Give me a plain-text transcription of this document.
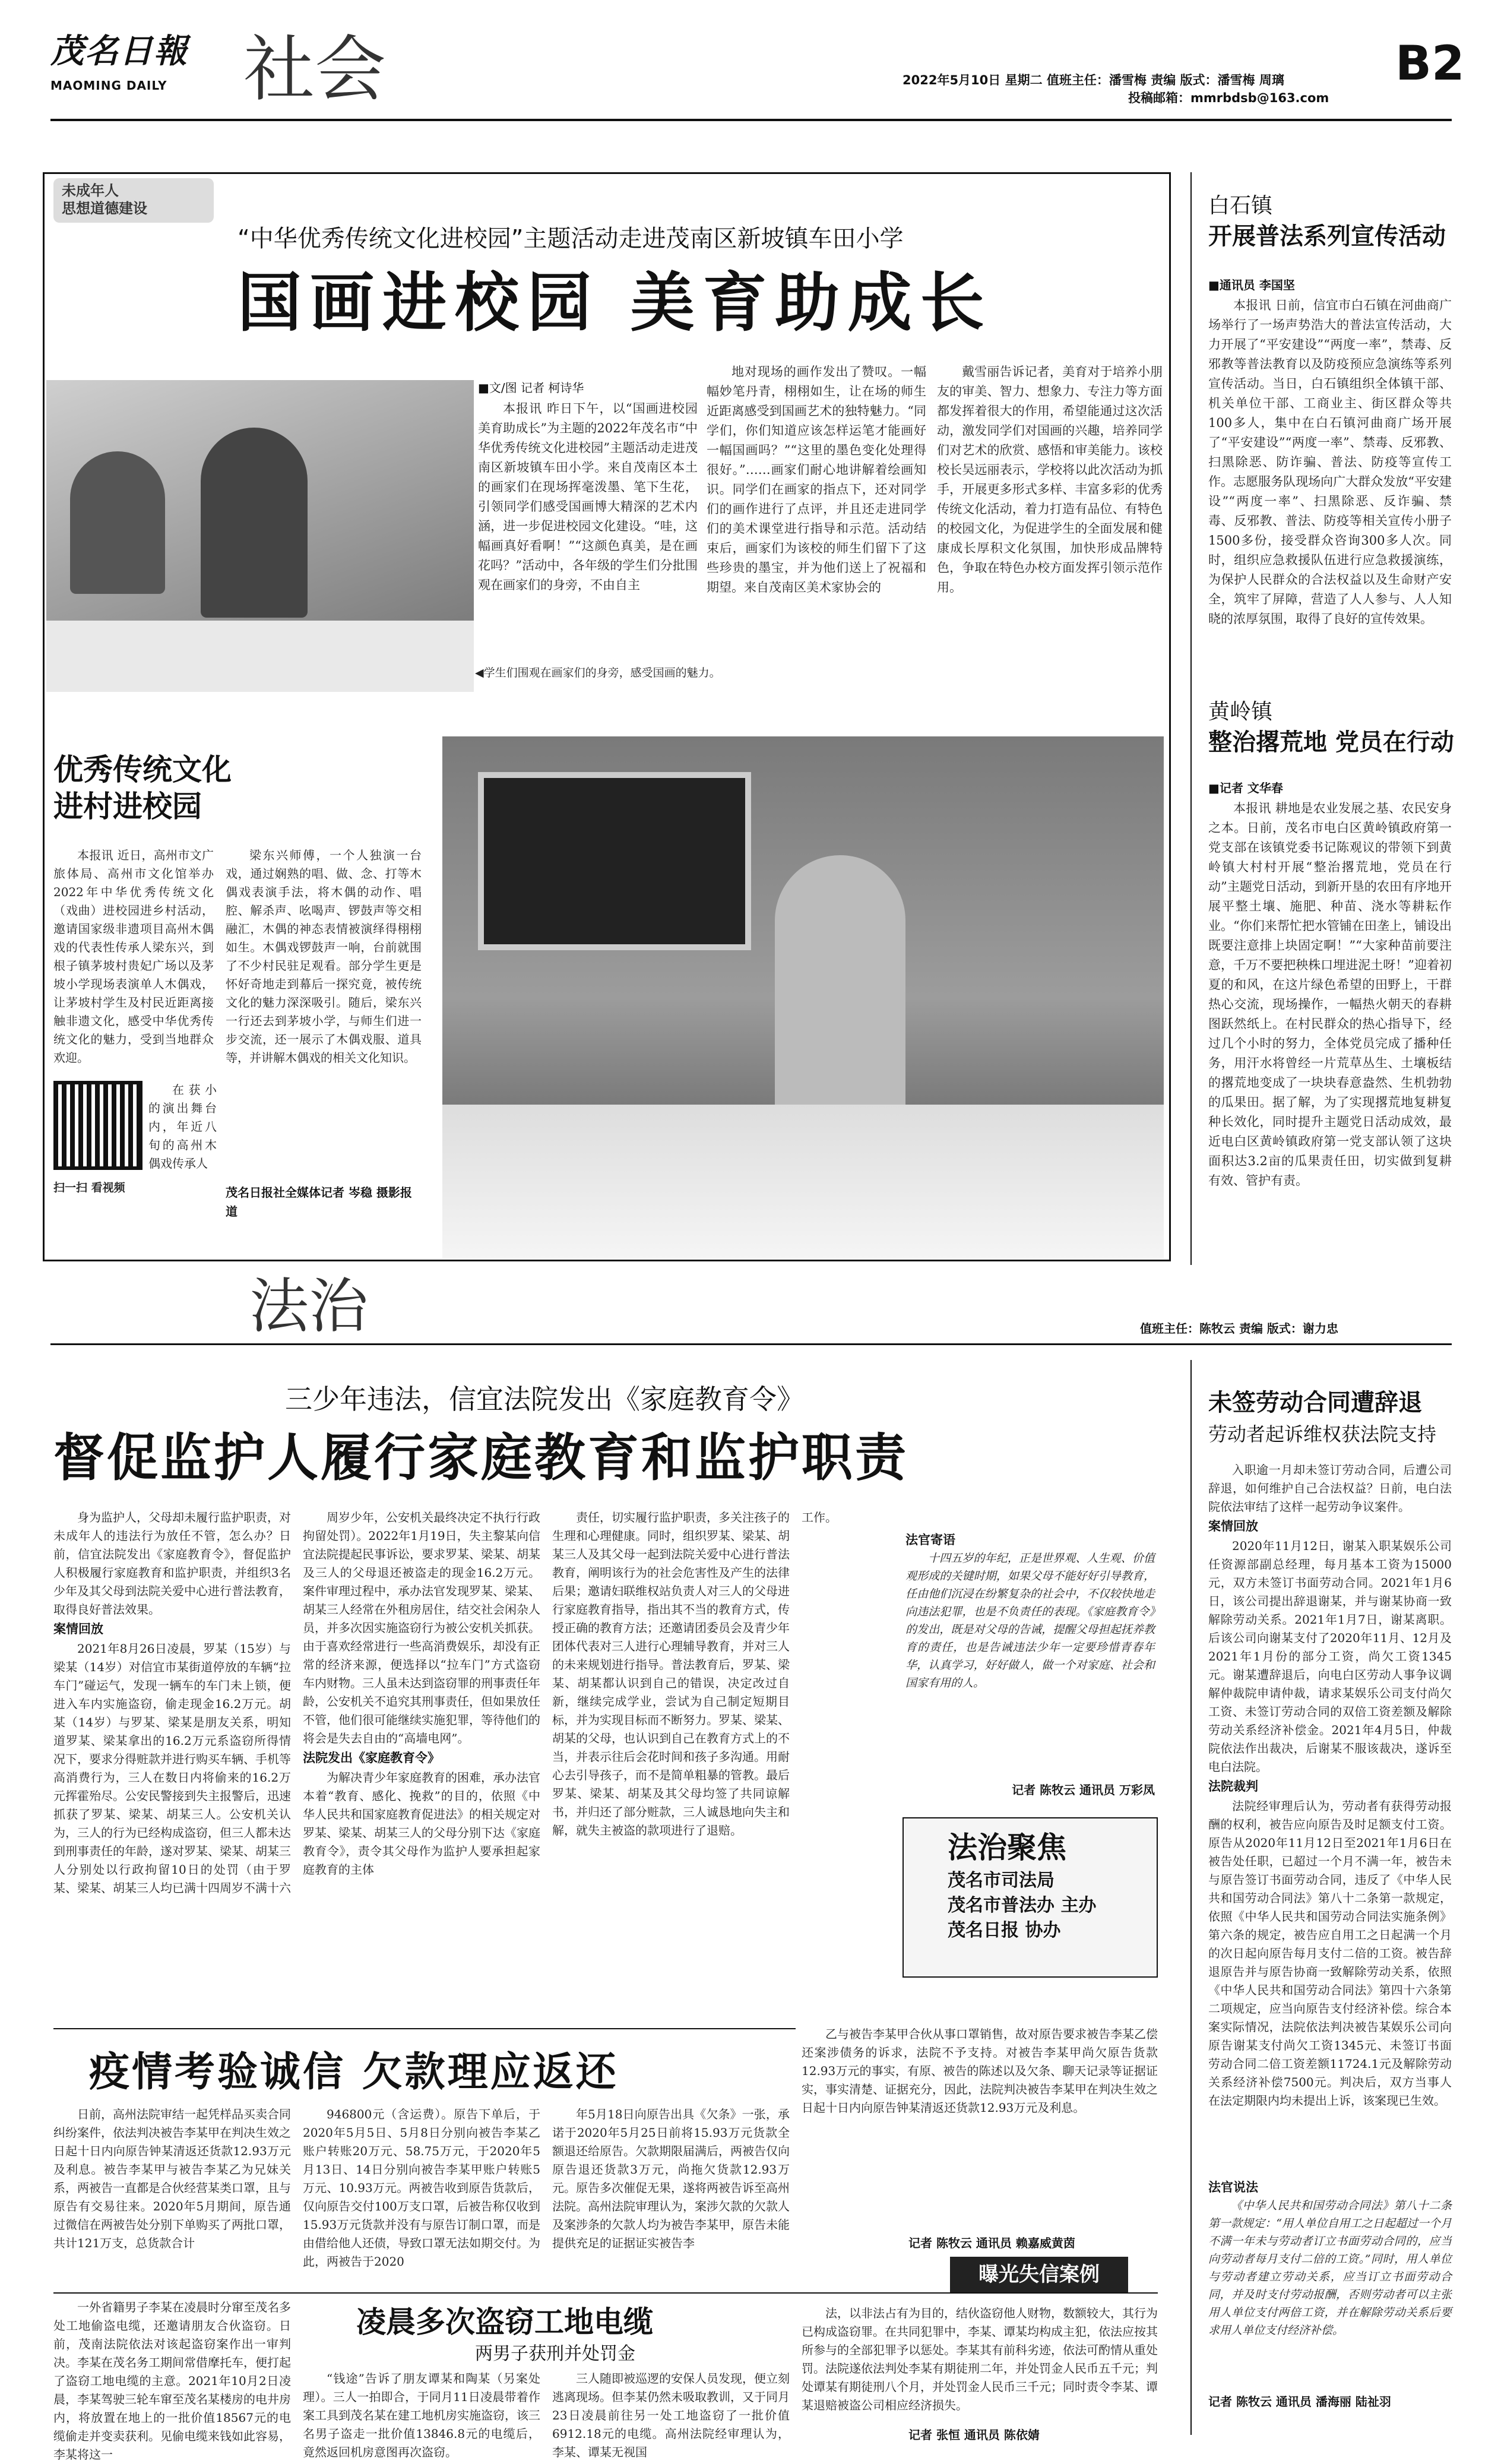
茂名日報
MAOMING DAILY	社会	2022年5月10日 星期二 值班主任：潘雪梅 责编 版式：潘雪梅 周璃
投稿邮箱：mmrbdsb@163.com
B2
未成年人
思想道德建设
“中华优秀传统文化进校园”主题活动走进茂南区新坡镇车田小学
国画进校园 美育助成长
◀学生们围观在画家们的身旁，感受国画的魅力。
■文/图 记者 柯诗华

本报讯 昨日下午，以“国画进校园 美育助成长”为主题的2022年茂名市“中华优秀传统文化进校园”主题活动走进茂南区新坡镇车田小学。来自茂南区本土的画家们在现场挥毫泼墨、笔下生花，引领同学们感受国画博大精深的艺术内涵，进一步促进校园文化建设。“哇，这幅画真好看啊！”“这颜色真美，是在画花吗？”活动中，各年级的学生们分批围观在画家们的身旁，不由自主

地对现场的画作发出了赞叹。一幅幅妙笔丹青，栩栩如生，让在场的师生近距离感受到国画艺术的独特魅力。“同学们，你们知道应该怎样运笔才能画好一幅国画吗？”“这里的墨色变化处理得很好。”……画家们耐心地讲解着绘画知识。同学们在画家的指点下，还对同学们的画作进行了点评，并且还走进同学们的美术课堂进行指导和示范。活动结束后，画家们为该校的师生们留下了这些珍贵的墨宝，并为他们送上了祝福和期望。来自茂南区美术家协会的

戴雪丽告诉记者，美育对于培养小朋友的审美、智力、想象力、专注力等方面都发挥着很大的作用，希望能通过这次活动，激发同学们对国画的兴趣，培养同学们对艺术的欣赏、感悟和审美能力。该校校长吴远丽表示，学校将以此次活动为抓手，开展更多形式多样、丰富多彩的优秀传统文化活动，着力打造有品位、有特色的校园文化，为促进学生的全面发展和健康成长厚积文化氛围，加快形成品牌特色，争取在特色办校方面发挥引领示范作用。

优秀传统文化
进村进校园

本报讯 近日，高州市文广旅体局、高州市文化馆举办2022年中华优秀传统文化（戏曲）进校园进乡村活动，邀请国家级非遗项目高州木偶戏的代表性传承人梁东兴，到根子镇茅坡村贵妃广场以及茅坡小学现场表演单人木偶戏，让茅坡村学生及村民近距离接触非遗文化，感受中华优秀传统文化的魅力，受到当地群众欢迎。

扫一扫 看视频

在获小的演出舞台内，年近八旬的高州木偶戏传承人

梁东兴师傅，一个人独演一台戏，通过娴熟的唱、做、念、打等木偶戏表演手法，将木偶的动作、唱腔、解杀声、吆喝声、锣鼓声等交相融汇，木偶的神态表情被演绎得栩栩如生。木偶戏锣鼓声一响，台前就围了不少村民驻足观看。部分学生更是怀好奇地走到幕后一探究竟，被传统文化的魅力深深吸引。随后，梁东兴一行还去到茅坡小学，与师生们进一步交流，还一展示了木偶戏服、道具等，并讲解木偶戏的相关文化知识。

茂名日报社全媒体记者 岑稳 摄影报道
白石镇
开展普法系列宣传活动
■通讯员 李国坚

本报讯 日前，信宜市白石镇在河曲商广场举行了一场声势浩大的普法宣传活动，大力开展了“平安建设”“两度一率”，禁毒、反邪教等普法教育以及防疫预应急演练等系列宣传活动。当日，白石镇组织全体镇干部、机关单位干部、工商业主、街区群众等共100多人，集中在白石镇河曲商广场开展了“平安建设”“两度一率”、禁毒、反邪教、扫黑除恶、防诈骗、普法、防疫等宣传工作。志愿服务队现场向广大群众发放“平安建设”“两度一率”、扫黑除恶、反诈骗、禁毒、反邪教、普法、防疫等相关宣传小册子1500多份，接受群众咨询300多人次。同时，组织应急救援队伍进行应急救援演练，为保护人民群众的合法权益以及生命财产安全，筑牢了屏障，营造了人人参与、人人知晓的浓厚氛围，取得了良好的宣传效果。

黄岭镇
整治撂荒地 党员在行动
■记者 文华春

本报讯 耕地是农业发展之基、农民安身之本。日前，茂名市电白区黄岭镇政府第一党支部在该镇党委书记陈观议的带领下到黄岭镇大村村开展“整治撂荒地，党员在行动”主题党日活动，到新开垦的农田有序地开展平整土壤、施肥、种苗、浇水等耕耘作业。“你们来帮忙把水管铺在田垄上，铺设出既要注意排上块固定啊！”“大家种苗前要注意，千万不要把秧株口埋进泥土呀！”迎着初夏的和风，在这片绿色希望的田野上，干群热心交流，现场操作，一幅热火朝天的春耕图跃然纸上。在村民群众的热心指导下，经过几个小时的努力，全体党员完成了播种任务，用汗水将曾经一片荒草丛生、土壤板结的撂荒地变成了一块块春意盎然、生机勃勃的瓜果田。据了解，为了实现撂荒地复耕复种长效化，同时提升主题党日活动成效，最近电白区黄岭镇政府第一党支部认领了这块面积达3.2亩的瓜果责任田，切实做到复耕有效、管护有责。

法治	值班主任：陈牧云 责编 版式：谢力忠
三少年违法，信宜法院发出《家庭教育令》
督促监护人履行家庭教育和监护职责

身为监护人，父母却未履行监护职责，对未成年人的违法行为放任不管，怎么办？日前，信宜法院发出《家庭教育令》，督促监护人积极履行家庭教育和监护职责，并组织3名少年及其父母到法院关爱中心进行普法教育，取得良好普法效果。

案情回放

2021年8月26日凌晨，罗某（15岁）与梁某（14岁）对信宜市某街道停放的车辆“拉车门”碰运气，发现一辆车的车门未上锁，便进入车内实施盗窃，偷走现金16.2万元。胡某（14岁）与罗某、梁某是朋友关系，明知道罗某、梁某拿出的16.2万元系盗窃所得情况下，要求分得赃款并进行购买车辆、手机等高消费行为，三人在数日内将偷来的16.2万元挥霍殆尽。公安民警接到失主报警后，迅速抓获了罗某、梁某、胡某三人。公安机关认为，三人的行为已经构成盗窃，但三人都未达到刑事责任的年龄，遂对罗某、梁某、胡某三人分别处以行政拘留10日的处罚（由于罗某、梁某、胡某三人均已满十四周岁不满十六

周岁少年，公安机关最终决定不执行行政拘留处罚）。2022年1月19日，失主黎某向信宜法院提起民事诉讼，要求罗某、梁某、胡某及三人的父母退还被盗走的现金16.2万元。案件审理过程中，承办法官发现罗某、梁某、胡某三人经常在外租房居住，结交社会闲杂人员，并多次因实施盗窃行为被公安机关抓获。由于喜欢经常进行一些高消费娱乐，却没有正常的经济来源，便选择以“拉车门”方式盗窃车内财物。三人虽未达到盗窃罪的刑事责任年龄，公安机关不追究其刑事责任，但如果放任不管，他们很可能继续实施犯罪，等待他们的将会是失去自由的“高墙电网”。

法院发出《家庭教育令》

为解决青少年家庭教育的困难，承办法官本着“教育、感化、挽救”的目的，依照《中华人民共和国家庭教育促进法》的相关规定对罗某、梁某、胡某三人的父母分别下达《家庭教育令》，责令其父母作为监护人要承担起家庭教育的主体

责任，切实履行监护职责，多关注孩子的生理和心理健康。同时，组织罗某、梁某、胡某三人及其父母一起到法院关爱中心进行普法教育，阐明该行为的社会危害性及产生的法律后果；邀请妇联维权站负责人对三人的父母进行家庭教育指导，指出其不当的教育方式，传授正确的教育方法；还邀请团委员会及青少年团体代表对三人进行心理辅导教育，并对三人的未来规划进行指导。普法教育后，罗某、梁某、胡某都认识到自己的错误，决定改过自新，继续完成学业，尝试为自己制定短期目标，并为实现目标而不断努力。罗某、梁某、胡某的父母，也认识到自己在教育方式上的不当，并表示往后会花时间和孩子多沟通。用耐心去引导孩子，而不是简单粗暴的管教。最后罗某、梁某、胡某及其父母均签了共同谅解书，并归还了部分赃款，三人诚恳地向失主和解，就失主被盗的款项进行了退赔。

工作。
法官寄语
十四五岁的年纪，正是世界观、人生观、价值观形成的关键时期，如果父母不能好好引导教育，任由他们沉浸在纷繁复杂的社会中，不仅较快地走向违法犯罪，也是不负责任的表现。《家庭教育令》的发出，既是对父母的告诫，提醒父母担起抚养教育的责任，也是告诫违法少年一定要珍惜青春年华，认真学习，好好做人，做一个对家庭、社会和国家有用的人。
记者 陈牧云 通讯员 万彩凤
法治聚焦
茂名市司法局
茂名市普法办 主办
茂名日报 协办
未签劳动合同遭辞退
劳动者起诉维权获法院支持

入职逾一月却未签订劳动合同，后遭公司辞退，如何维护自己合法权益？日前，电白法院依法审结了这样一起劳动争议案件。

案情回放

2020年11月12日，谢某入职某娱乐公司任资源部副总经理，每月基本工资为15000元，双方未签订书面劳动合同。2021年1月6日，该公司提出辞退谢某，并与谢某协商一致解除劳动关系。2021年1月7日，谢某离职。后该公司向谢某支付了2020年11月、12月及2021年1月份的部分工资，尚欠工资1345元。谢某遭辞退后，向电白区劳动人事争议调解仲裁院申请仲裁，请求某娱乐公司支付尚欠工资、未签订劳动合同的双倍工资差额及解除劳动关系经济补偿金。2021年4月5日，仲裁院依法作出裁决，后谢某不服该裁决，遂诉至电白法院。

法院裁判

法院经审理后认为，劳动者有获得劳动报酬的权利，被告应向原告及时足额支付工资。原告从2020年11月12日至2021年1月6日在被告处任职，已超过一个月不满一年，被告未与原告签订书面劳动合同，违反了《中华人民共和国劳动合同法》第八十二条第一款规定，依照《中华人民共和国劳动合同法实施条例》第六条的规定，被告应自用工之日起满一个月的次日起向原告每月支付二倍的工资。被告辞退原告并与原告协商一致解除劳动关系，依照《中华人民共和国劳动合同法》第四十六条第二项规定，应当向原告支付经济补偿。综合本案实际情况，法院依法判决被告某娱乐公司向原告谢某支付尚欠工资1345元、未签订书面劳动合同二倍工资差额11724.1元及解除劳动关系经济补偿7500元。判决后，双方当事人在法定期限内均未提出上诉，该案现已生效。

法官说法
《中华人民共和国劳动合同法》第八十二条第一款规定：“用人单位自用工之日起超过一个月不满一年未与劳动者订立书面劳动合同的，应当向劳动者每月支付二倍的工资。”同时，用人单位与劳动者建立劳动关系，应当订立书面劳动合同，并及时支付劳动报酬，否则劳动者可以主张用人单位支付两倍工资，并在解除劳动关系后要求用人单位支付经济补偿。
记者 陈牧云 通讯员 潘海丽 陆祉羽
疫情考验诚信 欠款理应返还

日前，高州法院审结一起凭样品买卖合同纠纷案件，依法判决被告李某甲在判决生效之日起十日内向原告钟某清返还货款12.93万元及利息。被告李某甲与被告李某乙为兄妹关系，两被告一直都是合伙经营某类口罩，且与原告有交易往来。2020年5月期间，原告通过微信在两被告处分别下单购买了两批口罩，共计121万支，总货款合计

946800元（含运费）。原告下单后，于2020年5月5日、5月8日分别向被告李某乙账户转账20万元、58.75万元，于2020年5月13日、14日分别向被告李某甲账户转账5万元、10.93万元。两被告收到原告货款后，仅向原告交付100万支口罩，后被告称仅收到15.93万元货款并没有与原告订制口罩，而是由借给他人还债，导致口罩无法如期交付。为此，两被告于2020

年5月18日向原告出具《欠条》一张，承诺于2020年5月25日前将15.93万元货款全额退还给原告。欠款期限届满后，两被告仅向原告退还货款3万元，尚拖欠货款12.93万元。原告多次催促无果，遂将两被告诉至高州法院。高州法院审理认为，案涉欠款的欠款人及案涉条的欠款人均为被告李某甲，原告未能提供充足的证据证实被告李

乙与被告李某甲合伙从事口罩销售，故对原告要求被告李某乙偿还案涉债务的诉求，法院不予支持。对被告李某甲尚欠原告货款12.93万元的事实，有原、被告的陈述以及欠条、聊天记录等证据证实，事实清楚、证据充分，因此，法院判决被告李某甲在判决生效之日起十日内向原告钟某清返还货款12.93万元及利息。

记者 陈牧云 通讯员 赖嘉威黄茵
曝光失信案例

一外省籍男子李某在凌晨时分窜至茂名多处工地偷盗电缆，还邀请朋友合伙盗窃。日前，茂南法院依法对该起盗窃案作出一审判决。李某在茂名务工期间常借摩托车，便打起了盗窃工地电缆的主意。2021年10月2日凌晨，李某驾驶三轮车窜至茂名某楼房的电井房内，将放置在地上的一批价值18567元的电缆偷走并变卖获利。见偷电缆来钱如此容易，李某将这一

凌晨多次盗窃工地电缆
两男子获刑并处罚金

“钱途”告诉了朋友谭某和陶某（另案处理）。三人一拍即合，于同月11日凌晨带着作案工具到茂名某在建工地机房实施盗窃，该三名男子盗走一批价值13846.8元的电缆后，竟然返回机房意图再次盗窃。

三人随即被巡逻的安保人员发现，便立刻逃离现场。但李某仍然未吸取教训，又于同月23日凌晨前往另一处工地盗窃了一批价值6912.18元的电缆。高州法院经审理认为，李某、谭某无视国

法，以非法占有为目的，结伙盗窃他人财物，数额较大，其行为已构成盗窃罪。在共同犯罪中，李某、谭某均构成主犯，依法应按其所参与的全部犯罪予以惩处。李某其有前科劣迹，依法可酌情从重处罚。法院遂依法判处李某有期徒刑二年，并处罚金人民币五千元；判处谭某有期徒刑八个月，并处罚金人民币三千元；同时责令李某、谭某退赔被盗公司相应经济损失。

记者 张恒 通讯员 陈依婧
